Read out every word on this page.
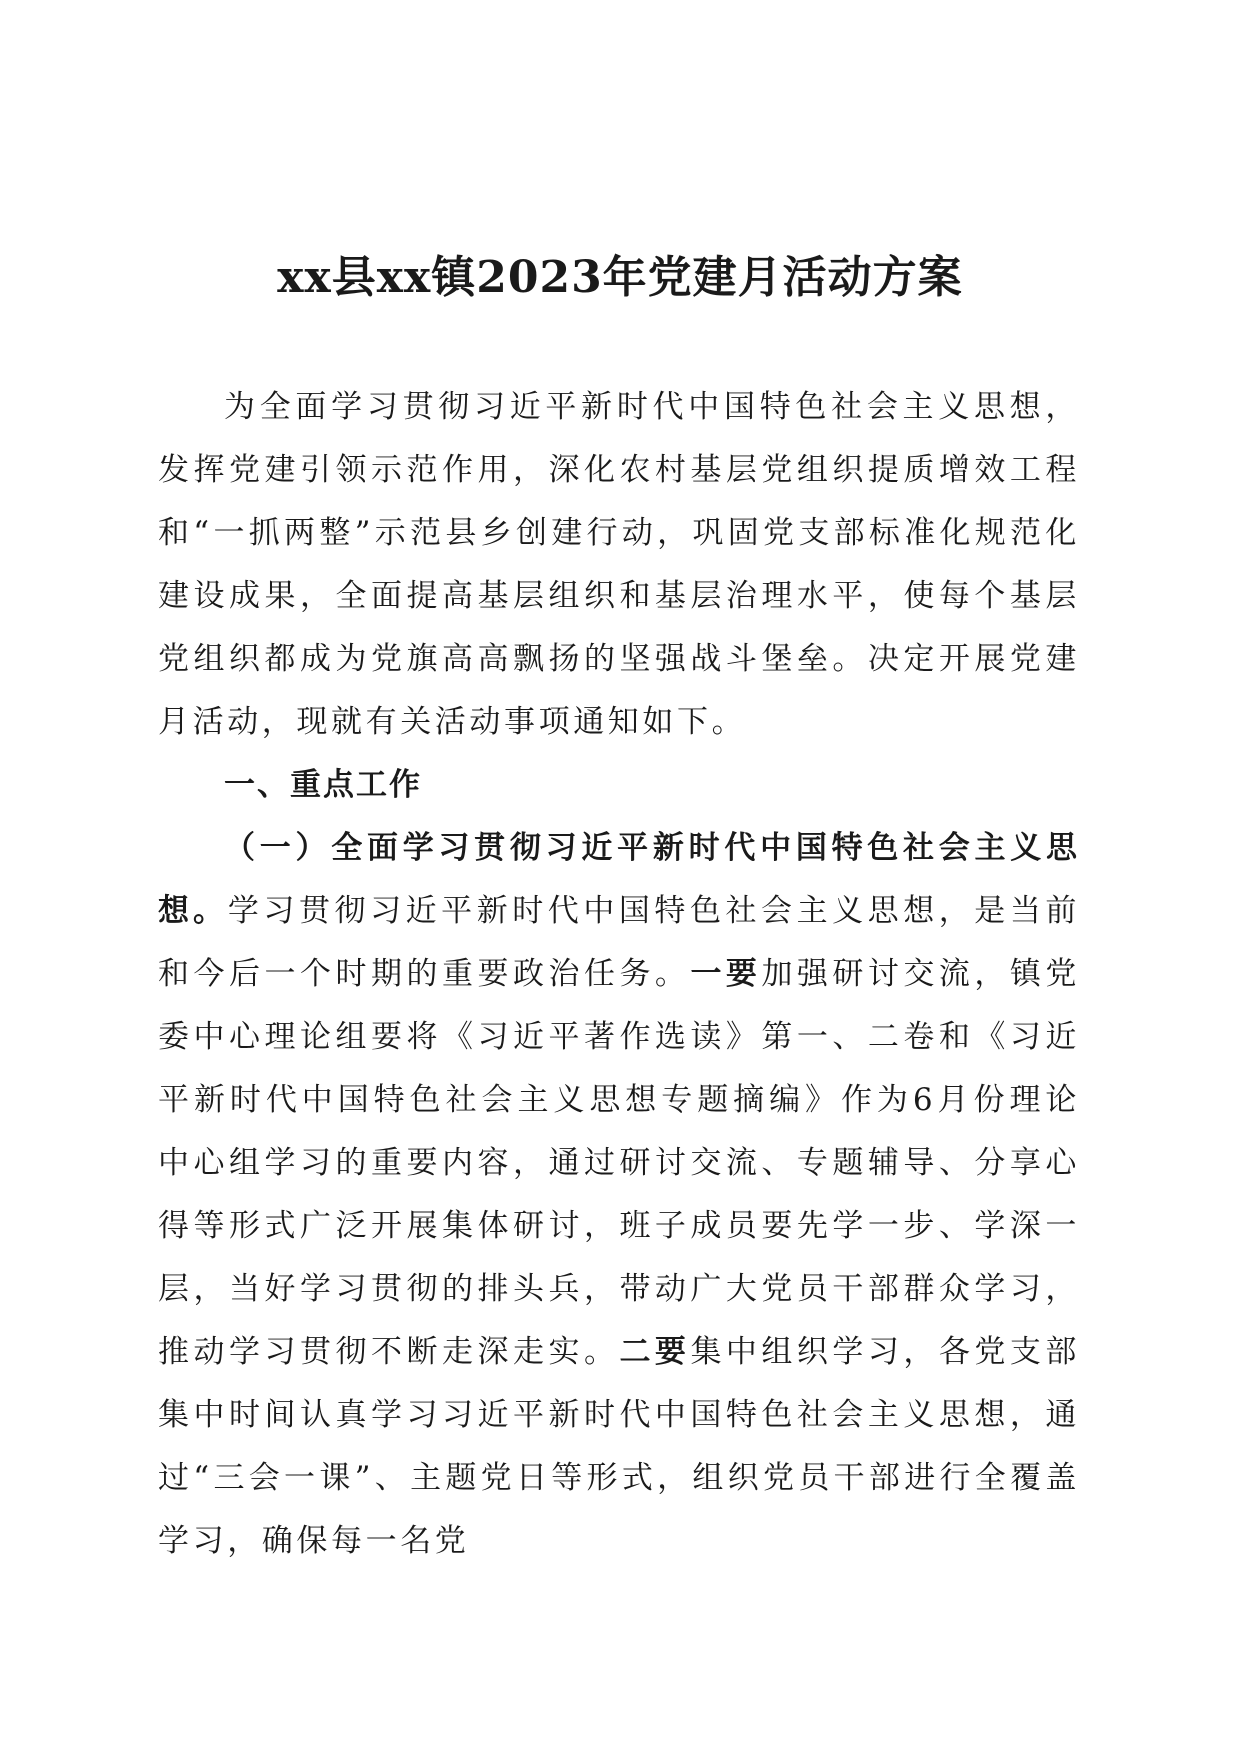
xx县xx镇2023年党建月活动方案

为全面学习贯彻习近平新时代中国特色社会主义思想，发挥党建引领示范作用，深化农村基层党组织提质增效工程和“一抓两整”示范县乡创建行动，巩固党支部标准化规范化建设成果，全面提高基层组织和基层治理水平，使每个基层党组织都成为党旗高高飘扬的坚强战斗堡垒。决定开展党建月活动，现就有关活动事项通知如下。

一、重点工作

（一）全面学习贯彻习近平新时代中国特色社会主义思想。学习贯彻习近平新时代中国特色社会主义思想，是当前和今后一个时期的重要政治任务。一要加强研讨交流，镇党委中心理论组要将《习近平著作选读》第一、二卷和《习近平新时代中国特色社会主义思想专题摘编》作为6月份理论中心组学习的重要内容，通过研讨交流、专题辅导、分享心得等形式广泛开展集体研讨，班子成员要先学一步、学深一层，当好学习贯彻的排头兵，带动广大党员干部群众学习，推动学习贯彻不断走深走实。二要集中组织学习，各党支部集中时间认真学习习近平新时代中国特色社会主义思想，通过“三会一课”、主题党日等形式，组织党员干部进行全覆盖学习，确保每一名党
